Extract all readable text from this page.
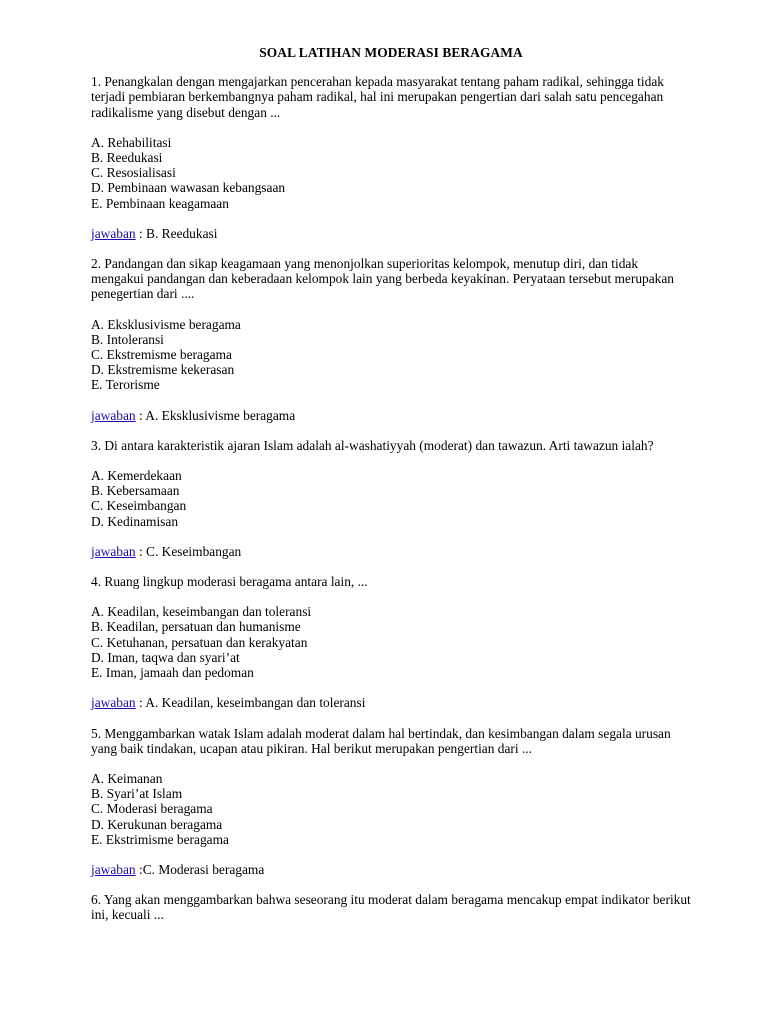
SOAL LATIHAN MODERASI BERAGAMA

1. Penangkalan dengan mengajarkan pencerahan kepada masyarakat tentang paham radikal, sehingga tidak terjadi pembiaran berkembangnya paham radikal, hal ini merupakan pengertian dari salah satu pencegahan radikalisme yang disebut dengan ...

A. Rehabilitasi
B. Reedukasi
C. Resosialisasi
D. Pembinaan wawasan kebangsaan
E. Pembinaan keagamaan

jawaban : B. Reedukasi

2. Pandangan dan sikap keagamaan yang menonjolkan superioritas kelompok, menutup diri, dan tidak mengakui pandangan dan keberadaan kelompok lain yang berbeda keyakinan. Peryataan tersebut merupakan penegertian dari ....

A. Eksklusivisme beragama
B. Intoleransi
C. Ekstremisme beragama
D. Ekstremisme kekerasan
E. Terorisme

jawaban : A. Eksklusivisme beragama

3. Di antara karakteristik ajaran Islam adalah al-washatiyyah (moderat) dan tawazun. Arti tawazun ialah?

A. Kemerdekaan
B. Kebersamaan
C. Keseimbangan
D. Kedinamisan

jawaban : C. Keseimbangan

4. Ruang lingkup moderasi beragama antara lain, ...

A. Keadilan, keseimbangan dan toleransi
B. Keadilan, persatuan dan humanisme
C. Ketuhanan, persatuan dan kerakyatan
D. Iman, taqwa dan syari’at
E. Iman, jamaah dan pedoman

jawaban : A. Keadilan, keseimbangan dan toleransi

5. Menggambarkan watak Islam adalah moderat dalam hal bertindak, dan kesimbangan dalam segala urusan yang baik tindakan, ucapan atau pikiran. Hal berikut merupakan pengertian dari ...

A. Keimanan
B. Syari’at Islam
C. Moderasi beragama
D. Kerukunan beragama
E. Ekstrimisme beragama

jawaban :C. Moderasi beragama

6. Yang akan menggambarkan bahwa seseorang itu moderat dalam beragama mencakup empat indikator berikut ini, kecuali ...
